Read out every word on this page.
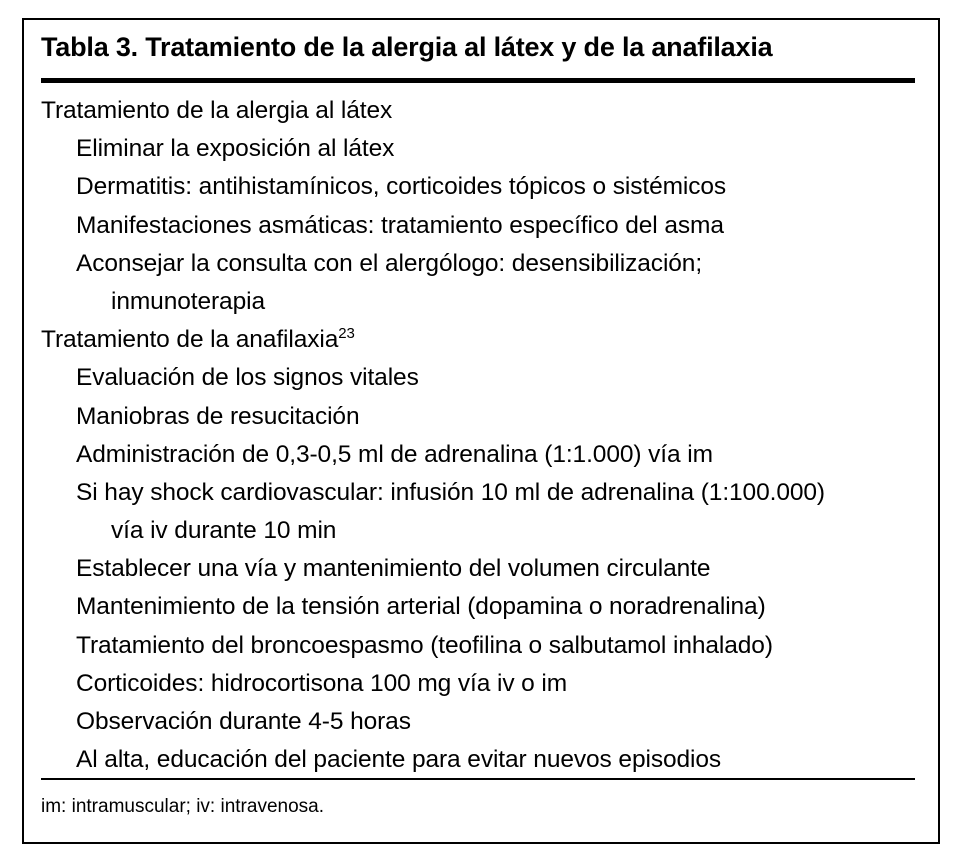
Tabla 3. Tratamiento de la alergia al látex y de la anafilaxia
Tratamiento de la alergia al látex
Eliminar la exposición al látex
Dermatitis: antihistamínicos, corticoides tópicos o sistémicos
Manifestaciones asmáticas: tratamiento específico del asma
Aconsejar la consulta con el alergólogo: desensibilización;
inmunoterapia
Tratamiento de la anafilaxia$^{23}$
Evaluación de los signos vitales
Maniobras de resucitación
Administración de 0,3-0,5 ml de adrenalina (1:1.000) vía im
Si hay shock cardiovascular: infusión 10 ml de adrenalina (1:100.000)
vía iv durante 10 min
Establecer una vía y mantenimiento del volumen circulante
Mantenimiento de la tensión arterial (dopamina o noradrenalina)
Tratamiento del broncoespasmo (teofilina o salbutamol inhalado)
Corticoides: hidrocortisona 100 mg vía iv o im
Observación durante 4-5 horas
Al alta, educación del paciente para evitar nuevos episodios
im: intramuscular; iv: intravenosa.
